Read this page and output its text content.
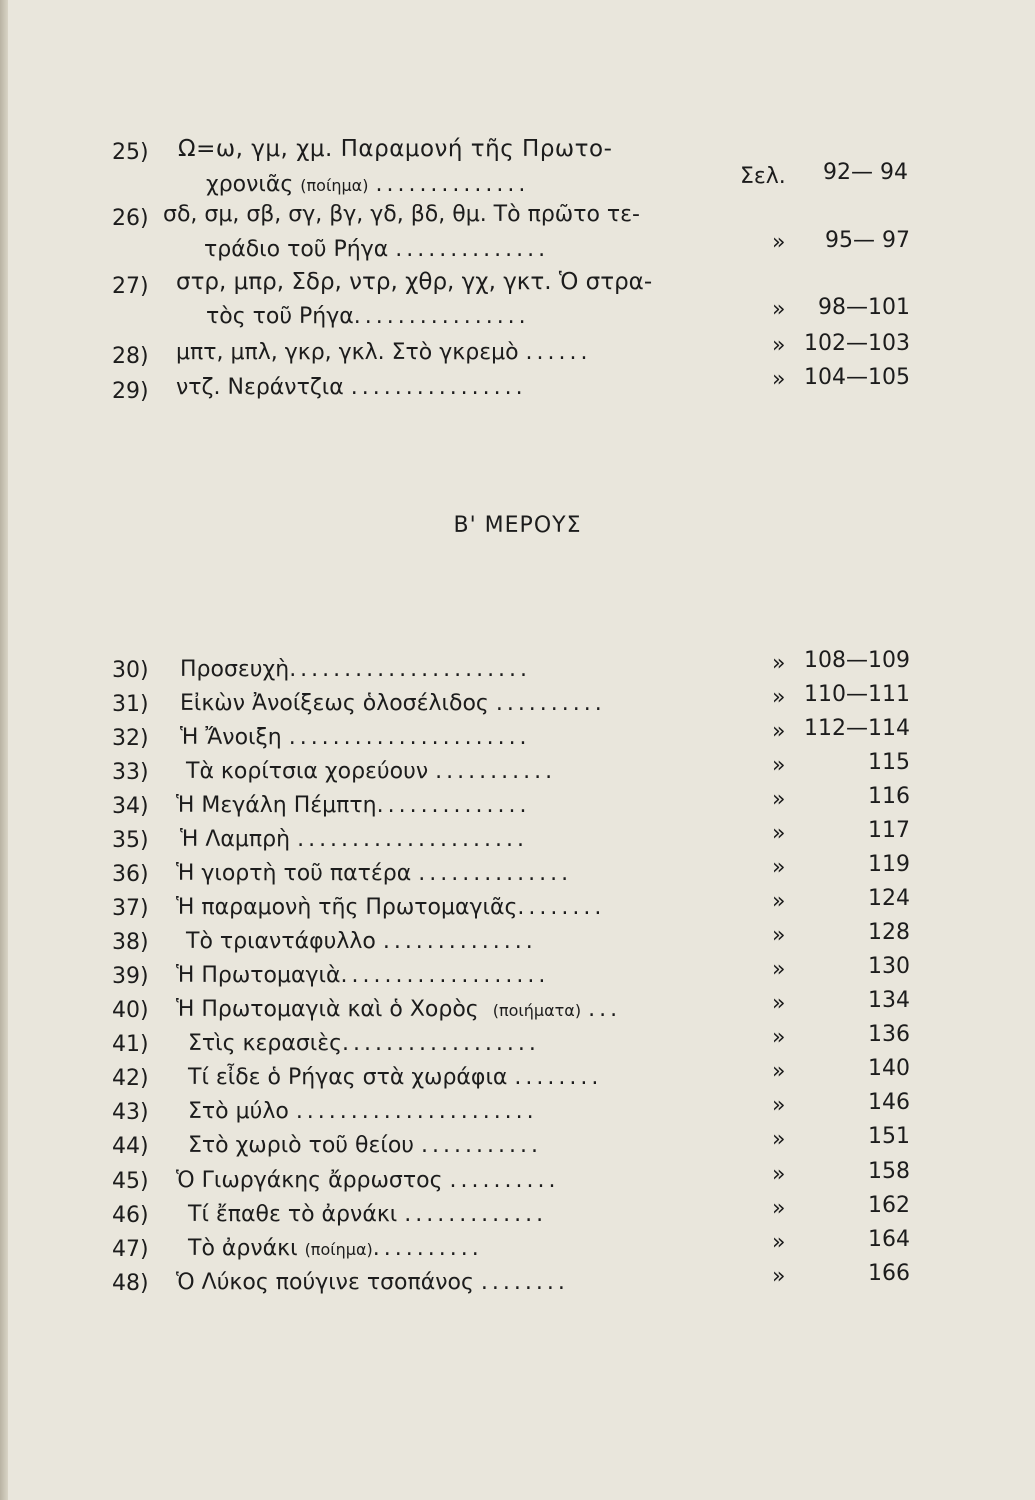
25)	Ω=ω, γμ, χμ. Παραμονή τῆς Πρωτο-
χρονιᾶς (ποίημα) ..............	Σελ. 92— 94
26) σδ, σμ, σβ, σγ, βγ, γδ, βδ, θμ. Τὸ πρῶτο τε-
τράδιο τοῦ Ρήγα ..............	» 95— 97
27)	στρ, μπρ, Σδρ, ντρ, χθρ, γχ, γκτ. Ὁ στρα-
τὸς τοῦ Ρήγα................	» 98—101
28)	μπτ, μπλ, γκρ, γκλ. Στὸ γκρεμὸ ......	» 102—103
29)	ντζ. Νεράντζια ................	» 104—105
Β' ΜΕΡΟΥΣ
30)	Προσευχὴ......................	» 108—109
31)	Εἰκὼν Ἀνοίξεως ὁλοσέλιδος ..........	» 110—111
32)	Ἡ Ἄνοιξη ......................	» 112—114
33)	Τὰ κορίτσια χορεύουν ...........	»	115
34)	Ἡ Μεγάλη Πέμπτη..............	»	116
35)	Ἡ Λαμπρὴ .....................	»	117
36)	Ἡ γιορτὴ τοῦ πατέρα ..............	»	119
37)	Ἡ παραμονὴ τῆς Πρωτομαγιᾶς........	»	124
38)	Τὸ τριαντάφυλλο ..............	»	128
39)	Ἡ Πρωτομαγιὰ...................	»	130
40)	Ἡ Πρωτομαγιὰ καὶ ὁ Χορὸς (ποιήματα) ...	»	134
41)	Στὶς κερασιὲς..................	»	136
42)	Τί εἶδε ὁ Ρήγας στὰ χωράφια ........	»	140
43)	Στὸ μύλο ......................	»	146
44)	Στὸ χωριὸ τοῦ θείου ...........	»	151
45)	Ὁ Γιωργάκης ἄρρωστος ..........	»	158
46)	Τί ἔπαθε τὸ ἀρνάκι .............	»	162
47)	Τὸ ἀρνάκι (ποίημα)..........	»	164
48)	Ὁ Λύκος πούγινε τσοπάνος ........	»	166
